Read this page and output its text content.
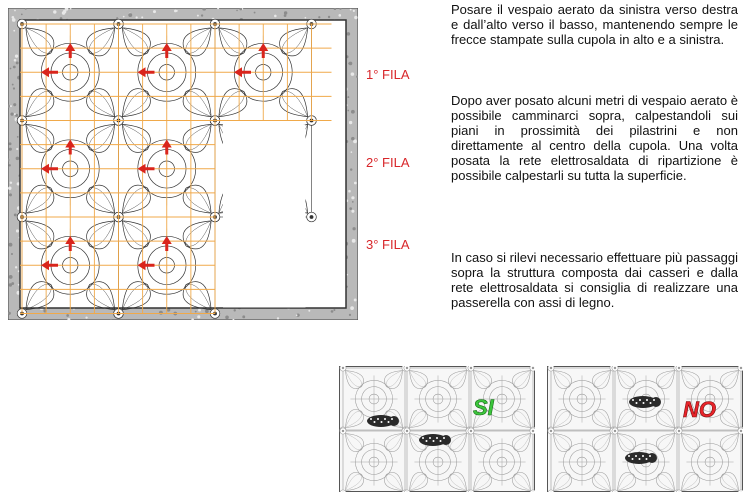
1° FILA
2° FILA
3° FILA

Posare il vespaio aerato da sinistra verso destra e dall’alto verso il basso, mantenendo sempre le frecce stampate sulla cupola in alto e a sinistra.

Dopo aver posato alcuni metri di vespaio aerato è possibile camminarci sopra, calpestandoli sui piani in prossimità dei pilastrini e non direttamente al centro della cupola. Una volta posata la rete elettrosaldata di ripartizione è possibile calpestarli su tutta la superficie.

In caso si rilevi necessario effettuare più passaggi sopra la struttura composta dai casseri e dalla rete elettrosaldata si consiglia di realizzare una passerella con assi di legno.

SI	NO
